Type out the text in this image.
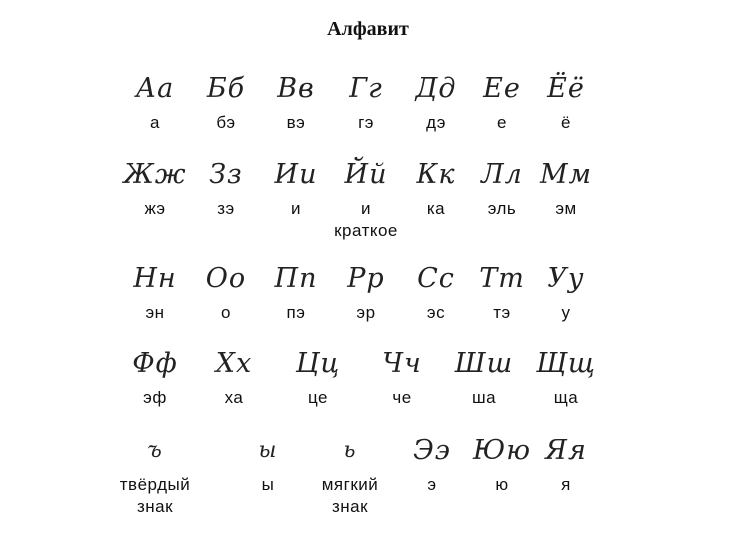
Алфавит
Аа
а
Бб
бэ
Вв
вэ
Гг
гэ
Дд
дэ
Ее
е
Ёё
ё
Жж
жэ
Зз
зэ
Ии
и
Йй
и
краткое
Кк
ка
Лл
эль
Мм
эм
Нн
эн
Оо
о
Пп
пэ
Рр
эр
Сс
эс
Тт
тэ
Уу
у
Фф
эф
Хх
ха
Цц
це
Чч
че
Шш
ша
Щщ
ща
ъ
твёрдый
знак
ы
ы
ь
мягкий
знак
Ээ
э
Юю
ю
Яя
я
